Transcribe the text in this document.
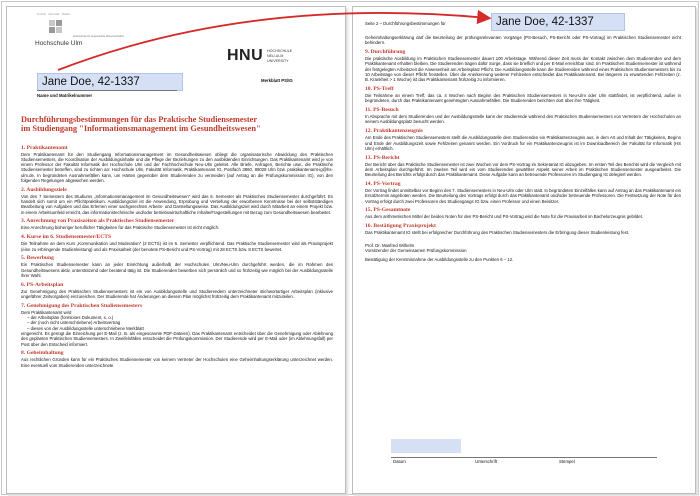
Hochschule Ulm
Hochschule für angewandte Wissenschaften
Technik · Informatik · Medien
HNU HOCHSCHULE
NEU-ULM
UNIVERSITY
Jane Doe, 42-1337
Name und Matrikelnummer
Merkblatt PS/IG
Durchführungsbestimmungen für das Praktische Studiensemester
im Studiengang "Informationsmanagement im Gesundheitswesen"
1. Praktikantenamt
Dem Praktikantenamt für den Studiengang Informationsmanagement im Gesundheitswesen obliegt die organisatorische Abwicklung des Praktischen Studiensemesters, die Koordination der Ausbildungsinhalte und die Pflege der Beziehungen zu den ausbildenden Einrichtungen. Das Praktikantenamt wird je von einem Professor der Fakultät Informatik der Hochschule Ulm und der Fachhochschule Neu-Ulm geleitet. Alle Briefe, Anfragen, Berichte usw., die Praktische Studiensemester betreffen, sind zu richten an: Hochschule Ulm, Fakultät Informatik, Praktikantenamt IG, Postfach 3860, 89028 Ulm bzw. praktikantenamt-ig@hs-ulm.de. In begründeten Ausnahmefällen kann, um Härten gegenüber dem Studierenden zu vermeiden (auf Antrag an die Prüfungskommission IG), von den folgenden Regelungen abgewichen werden.
2. Ausbildungsziele
Von den 7 Semestern des Studiums „Informationsmanagement im Gesundheitswesen" wird das 6. Semester als Praktisches Studiensemester durchgeführt. Es handelt sich somit um ein Pflichtpraktikum. Ausbildungsziel ist die Anwendung, Erprobung und Vertiefung der erworbenen Kenntnisse bei der selbstständigen Bearbeitung von Aufgaben und das Erlernen einer sachgerechten Arbeits- und Darstellungsweise. Das Ausbildungsziel wird durch Mitarbeit an einem Projekt bzw. in einem Arbeitsumfeld erreicht, das informationstechnische und/oder betriebswirtschaftliche Inhalte/Fragestellungen mit Bezug zum Gesundheitswesen bearbeitet.
3. Anrechnung von Praxiszeiten als Praktisches Studiensemester
Eine Anrechnung bisheriger beruflicher Tätigkeiten für das Praktische Studiensemester ist nicht möglich.
4. Kurse im 6. Studiensemester/ECTS
Die Teilnahme an dem Kurs „Kommunikation und Moderation" (2 ECTS) ist im 6. Semester verpflichtend. Das Praktische Studiensemester wird als Praxisprojekt (eine zu erbringende Studienleistung) und als Praxisarbeit (der benotete PS-Bericht und PS-Vortrag) mit 28 ECTS bzw. 8 ECTS bewertet.
5. Bewerbung
Ein Praktisches Studiensemester kann an jeder Einrichtung außerhalb der Hochschulen Ulm/Neu-Ulm durchgeführt werden, die im Rahmen des Gesundheitswesens aktiv, unterstützend oder beratend tätig ist. Die Studierenden bewerben sich persönlich und so frühzeitig wie möglich bei der Ausbildungsstelle ihrer Wahl.
6. PS-Arbeitsplan
Zur Genehmigung des Praktischen Studiensemesters ist ein von Ausbildungsstelle und Studierendem unterzeichneter stichwortartiger Arbeitsplan (inklusive ungefährer Zeitvorgaben) einzureichen. Der Studierende hat Änderungen an diesem Plan möglichst frühzeitig dem Praktikantenamt mitzuteilen.
7. Genehmigung des Praktischen Studiensemesters
Dem Praktikantenamt wird
– der Arbeitsplan (formloses Dokument, s. o.)
– der (noch nicht unterschriebene) Arbeitsvertrag
– dieses von der Ausbildungsstelle unterschriebene Merkblatt
eingereicht. Es genügt die Einreichung per E-Mail (z. B. als eingescannte PDF-Dateien). Das Praktikantenamt entscheidet über die Genehmigung oder Ablehnung des geplanten Praktischen Studiensemesters. In Zweifelsfällen entscheidet die Prüfungskommission. Der Studierende wird per E-Mail oder (im Ablehnungsfall) per Post über den Entscheid informiert.
8. Geheimhaltung
Aus rechtlichen Gründen kann für ein Praktisches Studiensemester von keinem Vertreter der Hochschulen eine Geheimhaltungserklärung unterzeichnet werden. Eine eventuell vom Studierenden unterzeichnete
Seite 2 – Durchführungsbestimmungen für	Jane Doe, 42-1337
Geheimhaltungserklärung darf die Beurteilung der prüfungsrelevanten Vorgänge (PS-Besuch, PS-Bericht oder PS-Vortrag) im Praktischen Studiensemester nicht behindern.
9. Durchführung
Die praktische Ausbildung im Praktischen Studiensemester dauert 100 Arbeitstage. Während dieser Zeit muss der Kontakt zwischen dem Studierenden und dem Praktikantenamt erhalten bleiben. Die Studierenden tragen dafür Sorge, dass sie brieflich und per E-Mail erreichbar sind. Im Praktischen Studiensemester ist während der festgelegten Arbeitszeit die Anwesenheit am Arbeitsplatz Pflicht. Die Ausbildungsstelle kann die Studierenden während eines Praktischen Studiensemesters bis zu 10 Arbeitstage von dieser Pflicht freistellen. Über die Anerkennung weiterer Fehlzeiten entscheidet das Praktikantenamt. Bei längeren zu erwartenden Fehlzeiten (z. B. Krankheit > 1 Woche) ist das Praktikantenamt frühzeitig zu informieren.
10. PS-Treff
Die Teilnahme an einem Treff, das ca. 4 Wochen nach Beginn des Praktischen Studiensemesters in Neu-Ulm oder Ulm stattfindet, ist verpflichtend, außer in begründeten, durch das Praktikantenamt genehmigten Ausnahmefällen. Die Studierenden berichten dort über ihre Tätigkeit.
11. PS-Besuch
In Absprache mit dem Studierenden und der Ausbildungsstelle kann der Studierende während des Praktischen Studiensemesters von Vertretern der Hochschulen an seinem Ausbildungsplatz besucht werden.
12. Praktikantenzeugnis
Am Ende des Praktischen Studiensemesters stellt die Ausbildungsstelle dem Studierenden ein Praktikantenzeugnis aus, in dem Art und Inhalt der Tätigkeiten, Beginn und Ende der Ausbildungszeit sowie Fehlzeiten genannt werden. Ein Vordruck für ein Praktikantenzeugnis ist im Downloadbereich der Fakultät für Informatik (HS Ulm) erhältlich.
13. PS-Bericht
Der Bericht über das Praktische Studiensemester ist zwei Wochen vor dem PS-Vortrag im Sekretariat IG abzugeben. Im ersten Teil des Berichts wird die Vergleich mit dem Arbeitsplan durchgeführt. Im zweiten Teil wird ein vom Studierenden gewählter Aspekt seiner Arbeit im Praktischen Studiensemester ausgearbeitet. Die Beurteilung des Berichts erfolgt durch das Praktikantenamt. Diese Aufgabe kann an betreuende Professoren im Studiengang IG delegiert werden.
14. PS-Vortrag
Der Vortrag findet unmittelbar vor Beginn des 7. Studiensemesters in Neu-Ulm oder Ulm statt. In begründeten Einzelfällen kann auf Antrag an das Praktikantenamt ein Ersatztermin angeboten werden. Die Beurteilung des Vortrags erfolgt durch das Praktikantenamt und/oder betreuende Professoren. Die Festsetzung der Note für den Vortrag erfolgt durch zwei Professoren des Studiengangs IG bzw. einen Professor und einen Beisitzer.
15. PS-Gesamtnote
Aus dem arithmetischen Mittel der beiden Noten für den PS-Bericht und PS-Vortrag wird die Note für die Praxisarbeit im Bachelorzeugnis gebildet.
16. Bestätigung Praxisprojekt
Das Praktikantenamt IG stellt bei erfolgreicher Durchführung des Praktischen Studiensemesters die Erbringung dieser Studienleistung fest.
Prof. Dr. Manfred Wilhelm
Vorsitzender der Gemeinsamen Prüfungskommission
Bestätigung der Kenntnisnahme der Ausbildungsstelle zu den Punkten 6 – 12.
Datum	Unterschrift	Stempel
